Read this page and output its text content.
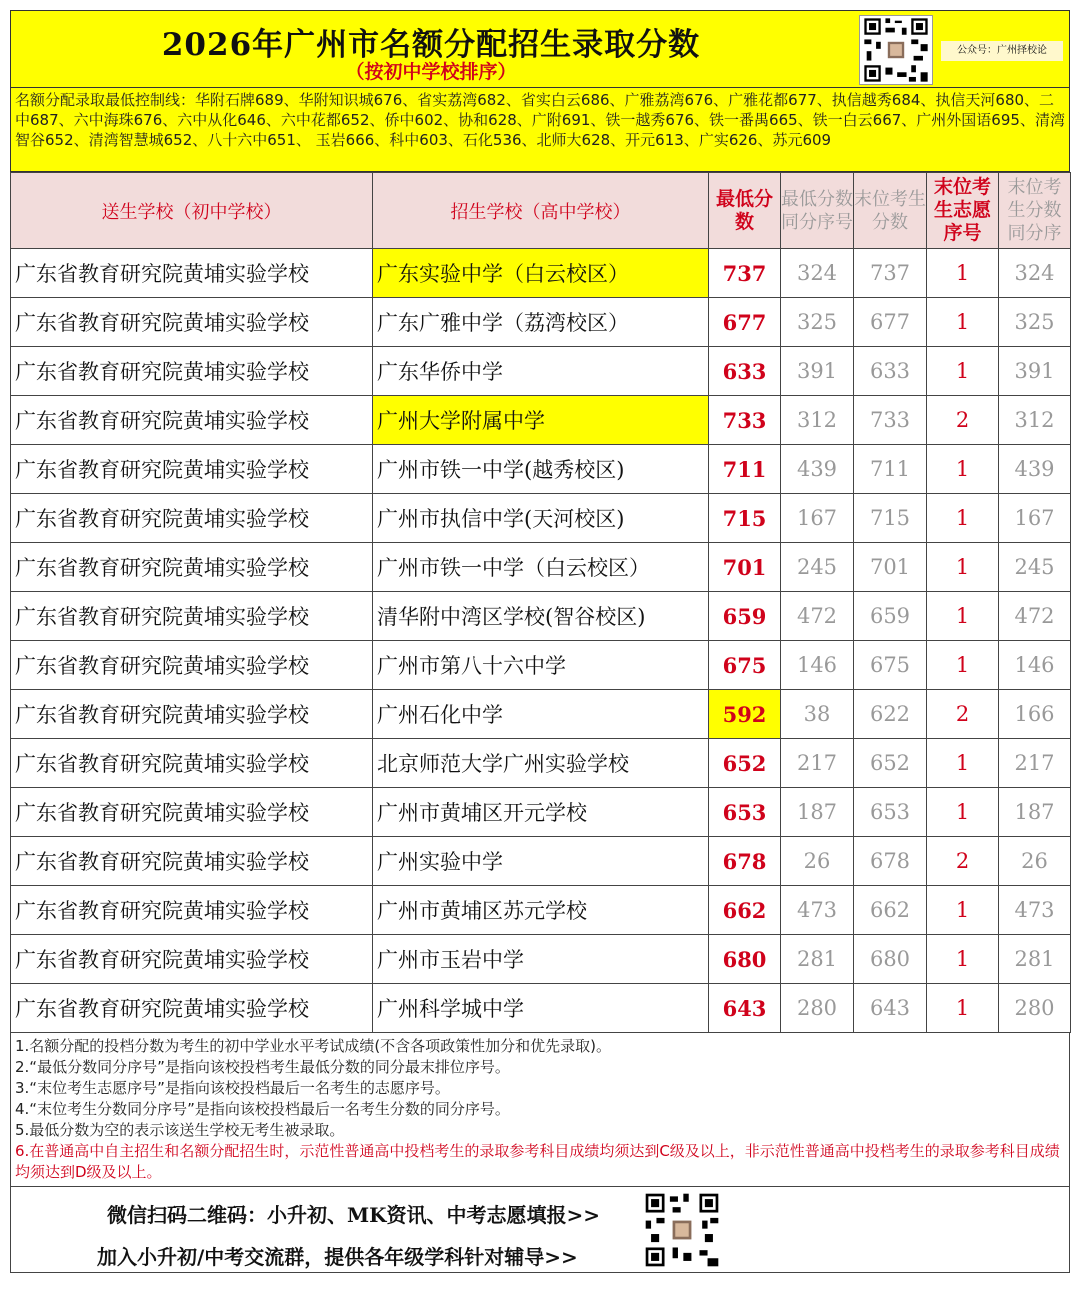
2026年广州市名额分配招生录取分数
（按初中学校排序）
公众号：广州择校论
名额分配录取最低控制线：华附石牌689、华附知识城676、省实荔湾682、省实白云686、广雅荔湾676、广雅花都677、执信越秀684、执信天河680、二中687、六中海珠676、六中从化646、六中花都652、侨中602、协和628、广附691、铁一越秀676、铁一番禺665、铁一白云667、广州外国语695、清湾智谷652、清湾智慧城652、八十六中651、 玉岩666、科中603、石化536、北师大628、开元613、广实626、苏元609
送生学校（初中学校）	招生学校（高中学校）	最低分数	最低分数同分序号	末位考生分数	末位考生志愿序号	末位考生分数同分序
广东省教育研究院黄埔实验学校	广东实验中学（白云校区）	737	324	737	1	324
广东省教育研究院黄埔实验学校	广东广雅中学（荔湾校区）	677	325	677	1	325
广东省教育研究院黄埔实验学校	广东华侨中学	633	391	633	1	391
广东省教育研究院黄埔实验学校	广州大学附属中学	733	312	733	2	312
广东省教育研究院黄埔实验学校	广州市铁一中学(越秀校区)	711	439	711	1	439
广东省教育研究院黄埔实验学校	广州市执信中学(天河校区)	715	167	715	1	167
广东省教育研究院黄埔实验学校	广州市铁一中学（白云校区）	701	245	701	1	245
广东省教育研究院黄埔实验学校	清华附中湾区学校(智谷校区)	659	472	659	1	472
广东省教育研究院黄埔实验学校	广州市第八十六中学	675	146	675	1	146
广东省教育研究院黄埔实验学校	广州石化中学	592	38	622	2	166
广东省教育研究院黄埔实验学校	北京师范大学广州实验学校	652	217	652	1	217
广东省教育研究院黄埔实验学校	广州市黄埔区开元学校	653	187	653	1	187
广东省教育研究院黄埔实验学校	广州实验中学	678	26	678	2	26
广东省教育研究院黄埔实验学校	广州市黄埔区苏元学校	662	473	662	1	473
广东省教育研究院黄埔实验学校	广州市玉岩中学	680	281	680	1	281
广东省教育研究院黄埔实验学校	广州科学城中学	643	280	643	1	280
1.名额分配的投档分数为考生的初中学业水平考试成绩(不含各项政策性加分和优先录取)。
2.“最低分数同分序号”是指向该校投档考生最低分数的同分最末排位序号。
3.“末位考生志愿序号”是指向该校投档最后一名考生的志愿序号。
4.“末位考生分数同分序号”是指向该校投档最后一名考生分数的同分序号。
5.最低分数为空的表示该送生学校无考生被录取。
6.在普通高中自主招生和名额分配招生时，示范性普通高中投档考生的录取参考科目成绩均须达到C级及以上，非示范性普通高中投档考生的录取参考科目成绩均须达到D级及以上。
微信扫码二维码：小升初、MK资讯、中考志愿填报>>
加入小升初/中考交流群，提供各年级学科针对辅导>>
